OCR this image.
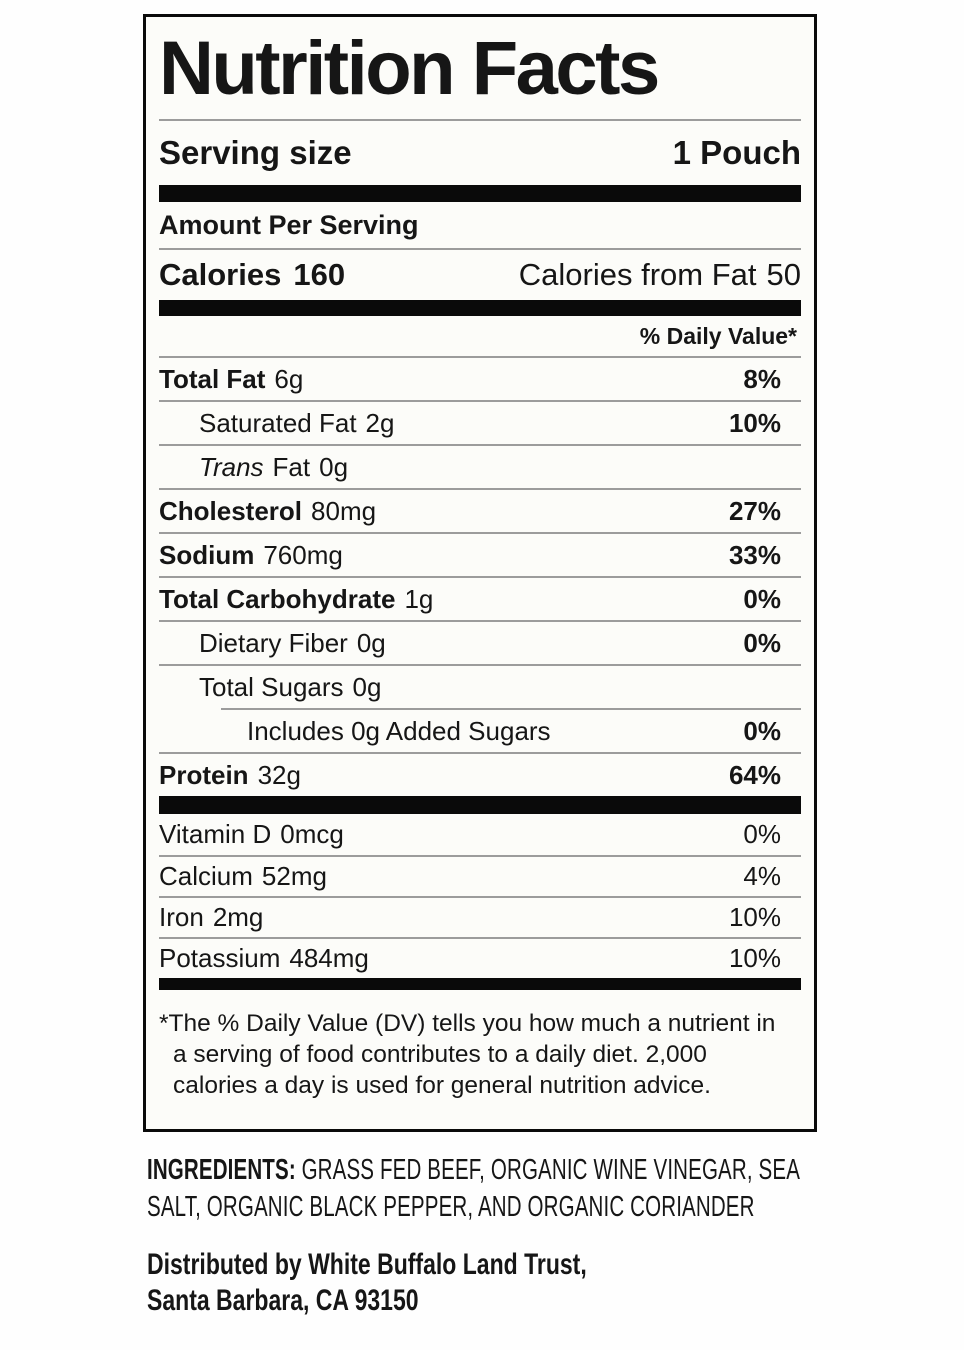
Nutrition Facts
Serving size	1 Pouch
Amount Per Serving
Calories 160	Calories from Fat 50
% Daily Value*
Total Fat 6g	8%
Saturated Fat 2g	10%
Trans Fat 0g
Cholesterol 80mg	27%
Sodium 760mg	33%
Total Carbohydrate 1g	0%
Dietary Fiber 0g	0%
Total Sugars 0g
Includes 0g Added Sugars	0%
Protein 32g	64%
Vitamin D 0mcg	0%
Calcium 52mg	4%
Iron 2mg	10%
Potassium 484mg	10%
*The % Daily Value (DV) tells you how much a nutrient in a serving of food contributes to a daily diet. 2,000 calories a day is used for general nutrition advice.
INGREDIENTS: GRASS FED BEEF, ORGANIC WINE VINEGAR, SEA SALT, ORGANIC BLACK PEPPER, AND ORGANIC CORIANDER
Distributed by White Buffalo Land Trust,
Santa Barbara, CA 93150
